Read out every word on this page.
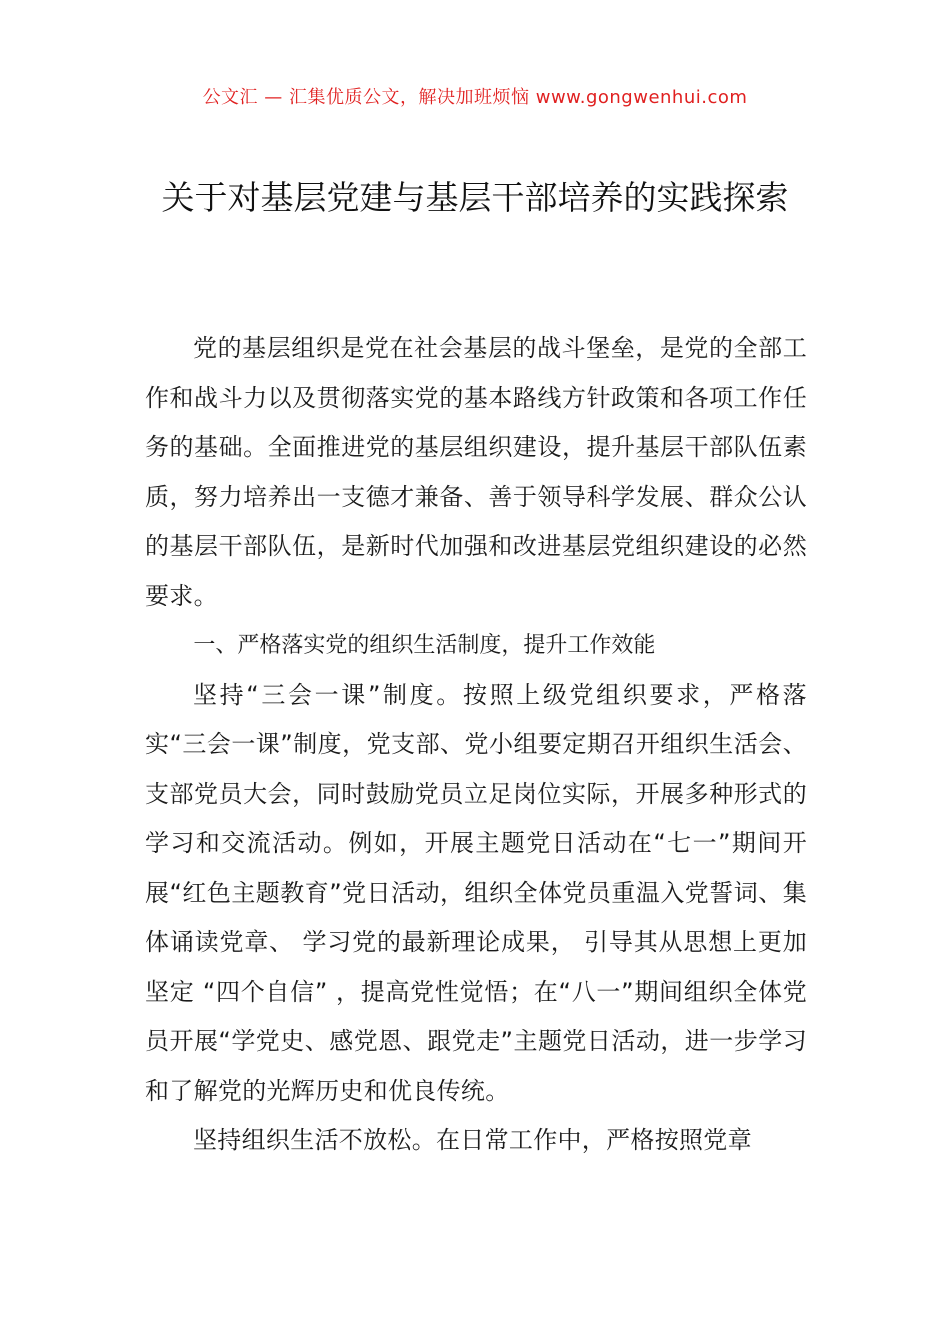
公文汇 — 汇集优质公文，解决加班烦恼 www.gongwenhui.com
关于对基层党建与基层干部培养的实践探索

党的基层组织是党在社会基层的战斗堡垒，是党的全部工作和战斗力以及贯彻落实党的基本路线方针政策和各项工作任务的基础。全面推进党的基层组织建设，提升基层干部队伍素质，努力培养出一支德才兼备、善于领导科学发展、群众公认的基层干部队伍，是新时代加强和改进基层党组织建设的必然要求。

一、严格落实党的组织生活制度，提升工作效能

坚持“三会一课”制度。按照上级党组织要求，严格落实“三会一课”制度，党支部、党小组要定期召开组织生活会、支部党员大会，同时鼓励党员立足岗位实际，开展多种形式的学习和交流活动。例如，开展主题党日活动在“七一”期间开展“红色主题教育”党日活动，组织全体党员重温入党誓词、集体诵读党章、 学习党的最新理论成果， 引导其从思想上更加坚定 “四个自信” ，提高党性觉悟；在“八一”期间组织全体党员开展“学党史、感党恩、跟党走”主题党日活动，进一步学习和了解党的光辉历史和优良传统。

坚持组织生活不放松。在日常工作中，严格按照党章
